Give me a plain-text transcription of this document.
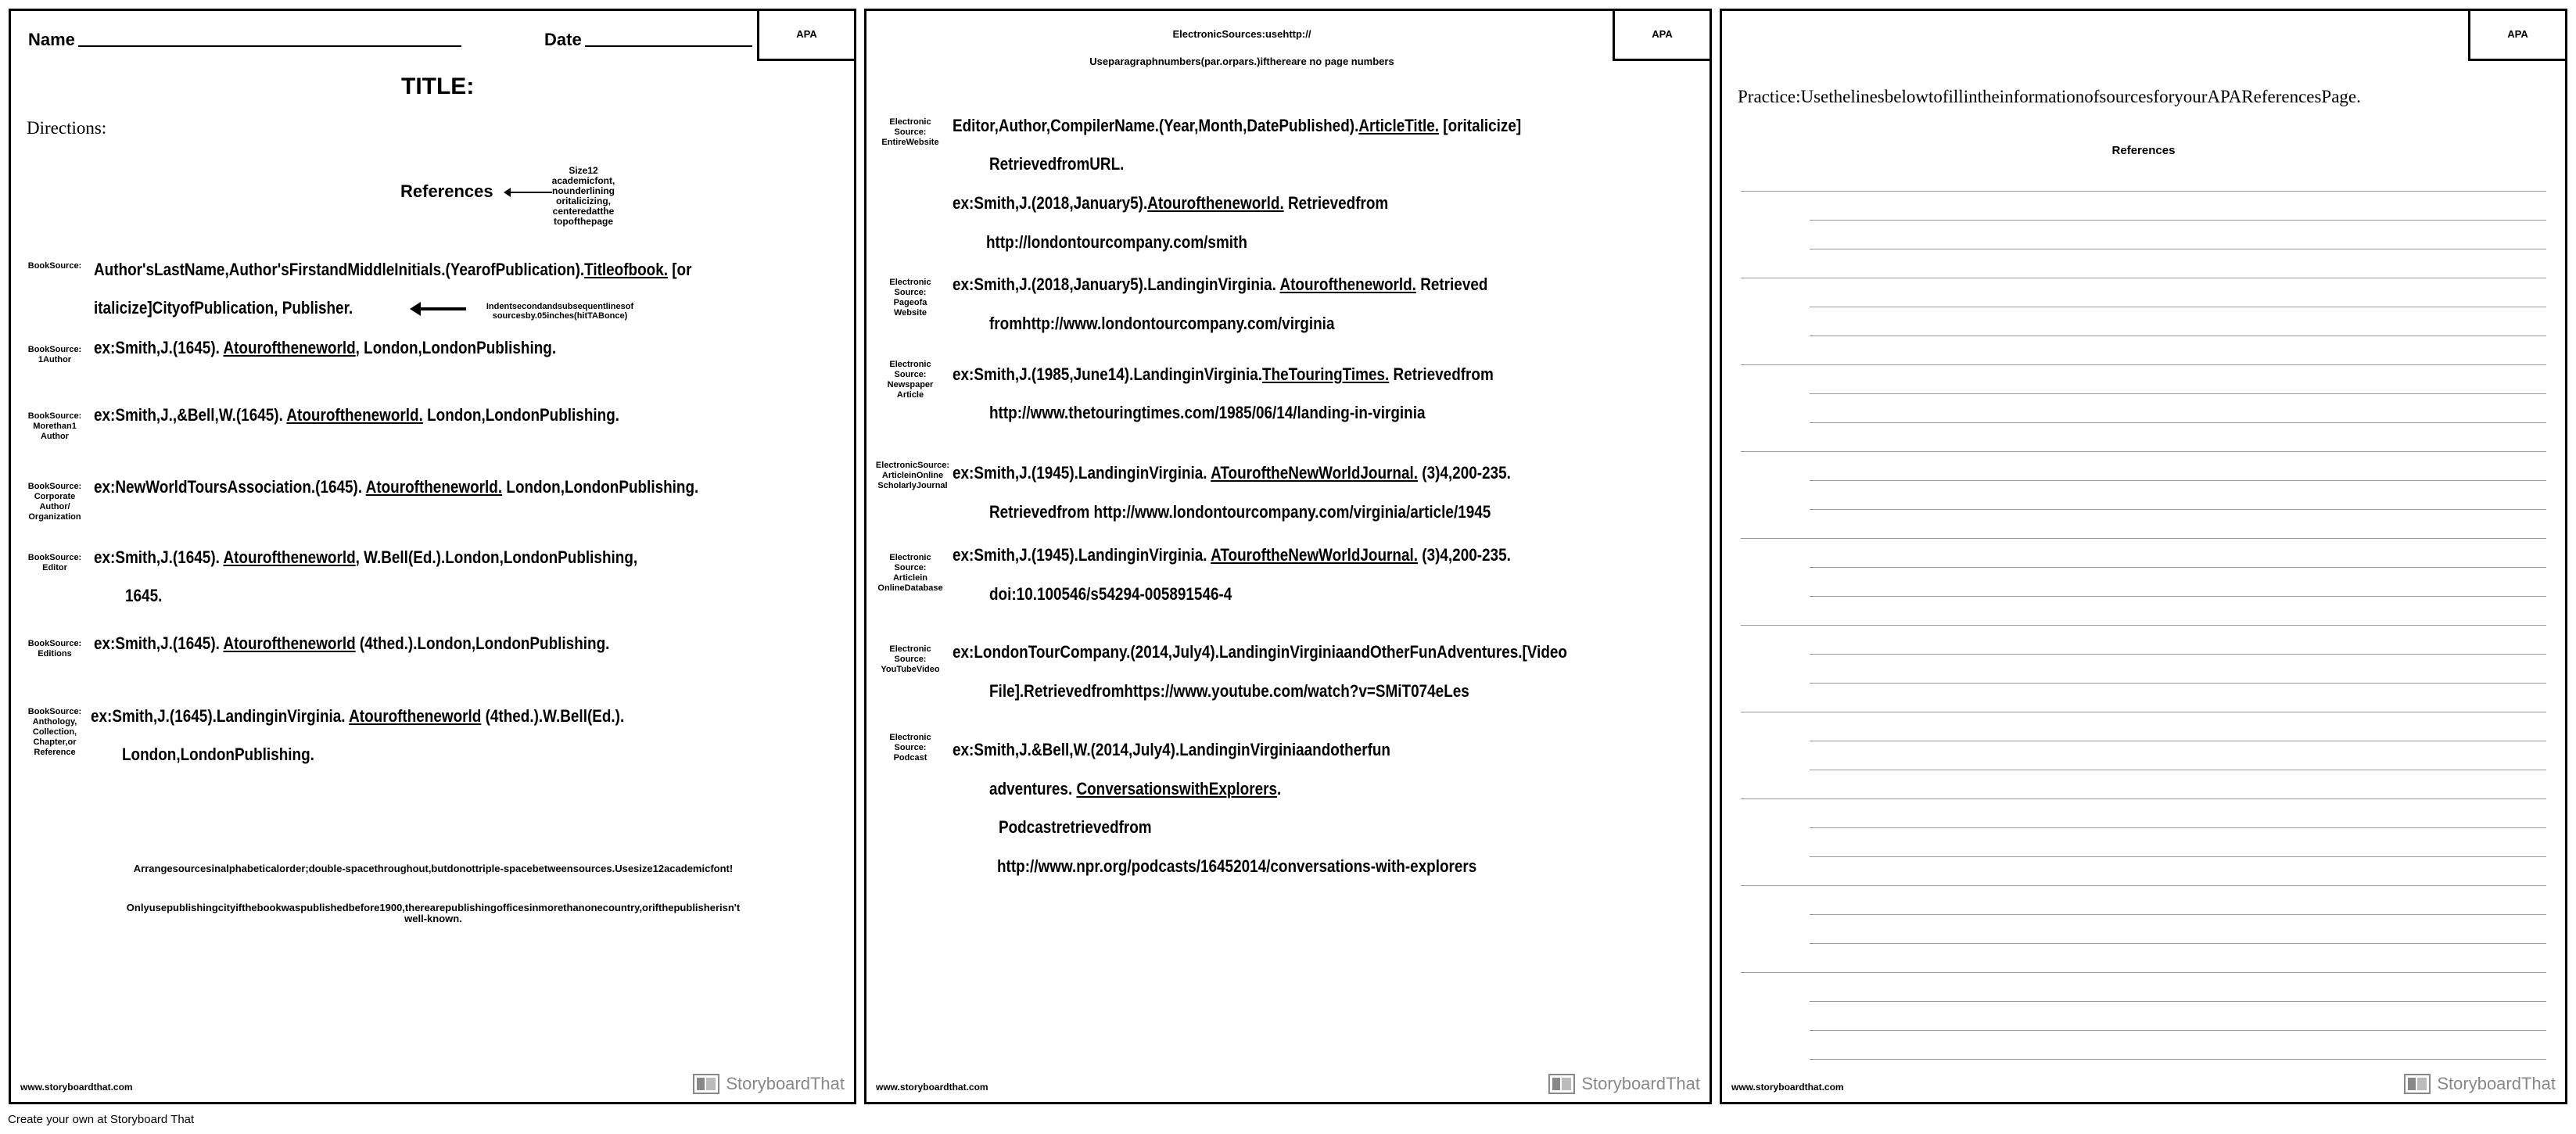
APA
Name	Date
TITLE:
Directions:
References
Size12
academicfont,
nounderlining
oritalicizing,
centeredatthe
topofthepage
BookSource: Author'sLastName,Author'sFirstandMiddleInitials.(YearofPublication).Titleofbook. [or
italicize]CityofPublication, Publisher.	Indentsecondandsubsequentlinesof
sourcesby.05inches(hitTABonce)
BookSource:
1Author
ex:Smith,J.(1645). Atouroftheneworld, London,LondonPublishing.
BookSource:
Morethan1
Author
ex:Smith,J.,&Bell,W.(1645). Atouroftheneworld. London,LondonPublishing.
BookSource:
Corporate
Author/
Organization
ex:NewWorldToursAssociation.(1645). Atouroftheneworld. London,LondonPublishing.
BookSource:
Editor
ex:Smith,J.(1645). Atouroftheneworld, W.Bell(Ed.).London,LondonPublishing,
1645.
BookSource:
Editions
ex:Smith,J.(1645). Atouroftheneworld (4thed.).London,LondonPublishing.
BookSource:
Anthology,
Collection,
Chapter,or
Reference
ex:Smith,J.(1645).LandinginVirginia. Atouroftheneworld (4thed.).W.Bell(Ed.).
London,LondonPublishing.
Arrangesourcesinalphabeticalorder;double-spacethroughout,butdonottriple-spacebetweensources.Usesize12academicfont!
Onlyusepublishingcityifthebookwaspublishedbefore1900,therearepublishingofficesinmorethanonecountry,orifthepublisherisn't
well-known.
www.storyboardthat.com	StoryboardThat
APA
ElectronicSources:usehttp://
Useparagraphnumbers(par.orpars.)ifthereare no page numbers
Electronic
Source:
EntireWebsite
Editor,Author,CompilerName.(Year,Month,DatePublished).ArticleTitle. [oritalicize]
RetrievedfromURL.
ex:Smith,J.(2018,January5).Atouroftheneworld. Retrievedfrom
http://londontourcompany.com/smith
Electronic
Source:
Pageofa
Website
ex:Smith,J.(2018,January5).LandinginVirginia. Atouroftheneworld. Retrieved
fromhttp://www.londontourcompany.com/virginia
Electronic
Source:
Newspaper
Article
ex:Smith,J.(1985,June14).LandinginVirginia.TheTouringTimes. Retrievedfrom
http://www.thetouringtimes.com/1985/06/14/landing-in-virginia
ElectronicSource:
ArticleinOnline
ScholarlyJournal
ex:Smith,J.(1945).LandinginVirginia. ATouroftheNewWorldJournal. (3)4,200-235.
Retrievedfrom http://www.londontourcompany.com/virginia/article/1945
Electronic
Source:
Articlein
OnlineDatabase
ex:Smith,J.(1945).LandinginVirginia. ATouroftheNewWorldJournal. (3)4,200-235.
doi:10.100546/s54294-005891546-4
Electronic
Source:
YouTubeVideo
ex:LondonTourCompany.(2014,July4).LandinginVirginiaandOtherFunAdventures.[Video
File].Retrievedfromhttps://www.youtube.com/watch?v=SMiT074eLes
Electronic
Source:
Podcast	ex:Smith,J.&Bell,W.(2014,July4).LandinginVirginiaandotherfun
adventures. ConversationswithExplorers.
Podcastretrievedfrom
http://www.npr.org/podcasts/16452014/conversations-with-explorers
www.storyboardthat.com	StoryboardThat
APA
Practice:UsethelinesbelowtofillintheinformationofsourcesforyourAPAReferencesPage.
References
www.storyboardthat.com	StoryboardThat
Create your own at Storyboard That
